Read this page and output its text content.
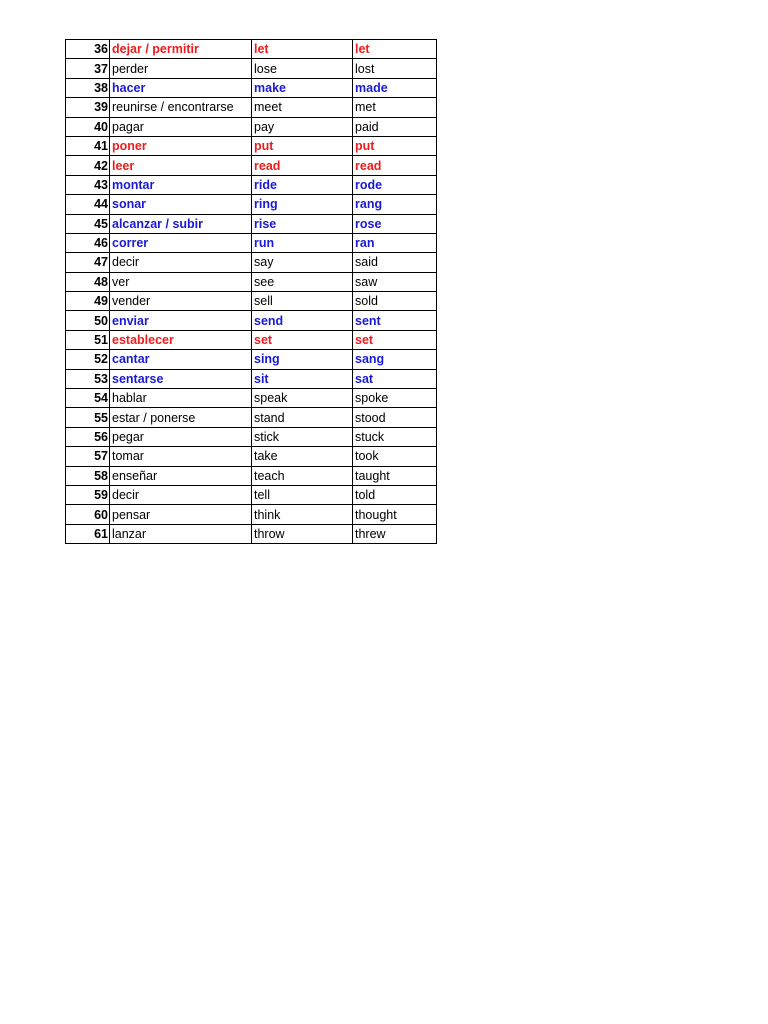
36	dejar / permitir	let	let
37	perder	lose	lost
38	hacer	make	made
39	reunirse / encontrarse	meet	met
40	pagar	pay	paid
41	poner	put	put
42	leer	read	read
43	montar	ride	rode
44	sonar	ring	rang
45	alcanzar / subir	rise	rose
46	correr	run	ran
47	decir	say	said
48	ver	see	saw
49	vender	sell	sold
50	enviar	send	sent
51	establecer	set	set
52	cantar	sing	sang
53	sentarse	sit	sat
54	hablar	speak	spoke
55	estar / ponerse	stand	stood
56	pegar	stick	stuck
57	tomar	take	took
58	enseñar	teach	taught
59	decir	tell	told
60	pensar	think	thought
61	lanzar	throw	threw
